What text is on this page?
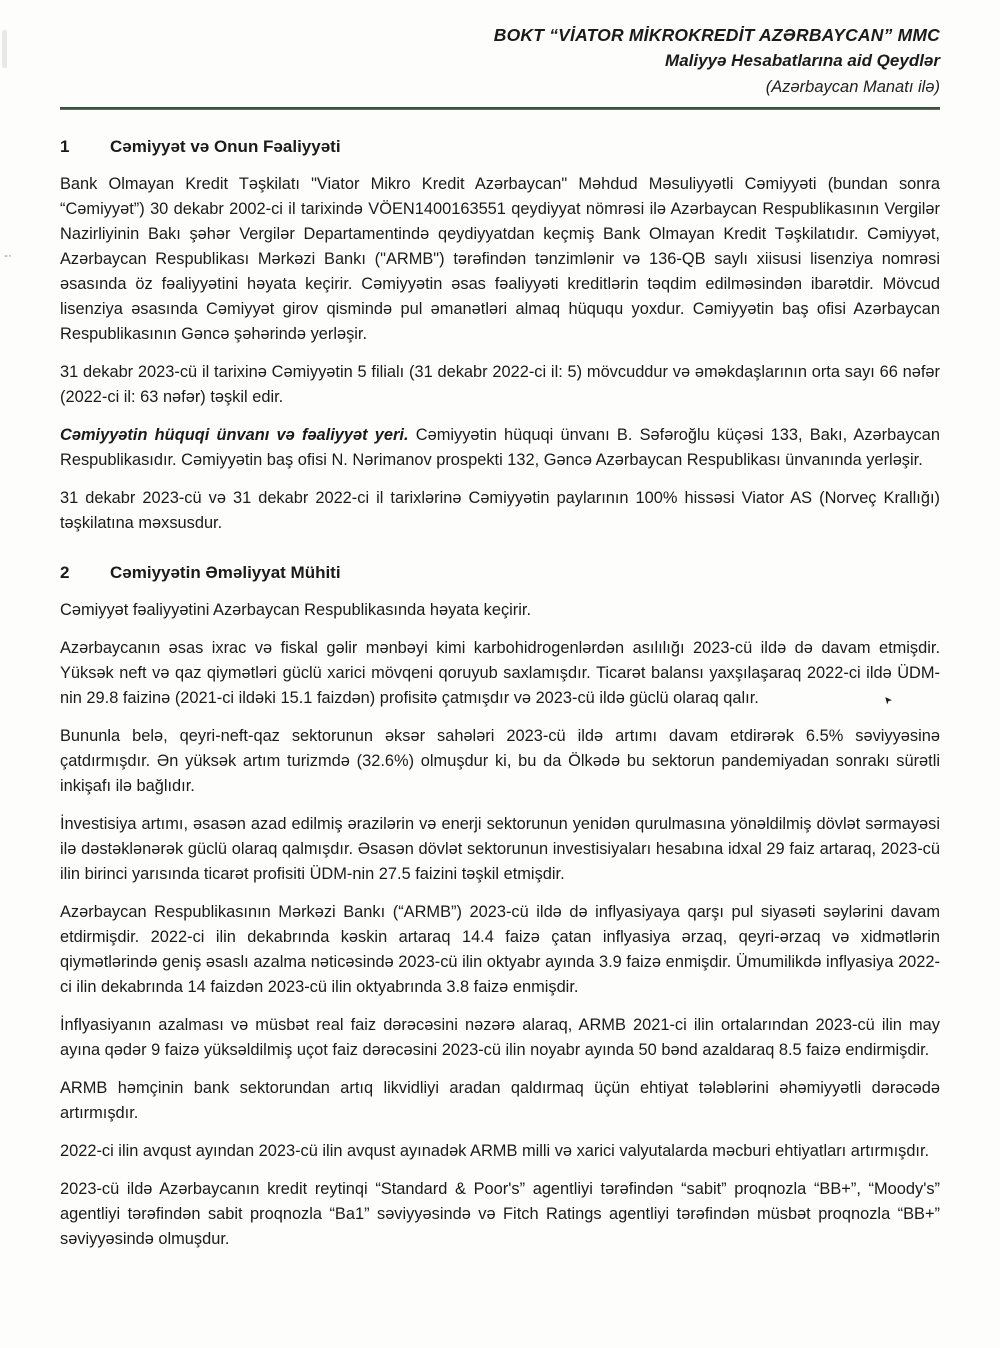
-·
➤
BOKT “VİATOR MİKROKREDİT AZƏRBAYCAN” MMC
Maliyyə Hesabatlarına aid Qeydlər
(Azərbaycan Manatı ilə)
1	Cəmiyyət və Onun Fəaliyyəti

Bank Olmayan Kredit Təşkilatı "Viator Mikro Kredit Azərbaycan" Məhdud Məsuliyyətli Cəmiyyəti (bundan sonra “Cəmiyyət”) 30 dekabr 2002-ci il tarixində VÖEN1400163551 qeydiyyat nömrəsi ilə Azərbaycan Respublikasının Vergilər Nazirliyinin Bakı şəhər Vergilər Departamentində qeydiyyatdan keçmiş Bank Olmayan Kredit Təşkilatıdır. Cəmiyyət, Azərbaycan Respublikası Mərkəzi Bankı ("ARMB") tərəfindən tənzimlənir və 136-QB saylı xiisusi lisenziya nomrəsi əsasında öz fəaliyyətini həyata keçirir. Cəmiyyətin əsas fəaliyyəti kreditlərin təqdim edilməsindən ibarətdir. Mövcud lisenziya əsasında Cəmiyyət girov qismində pul əmanətləri almaq hüququ yoxdur. Cəmiyyətin baş ofisi Azərbaycan Respublikasının Gəncə şəhərində yerləşir.

31 dekabr 2023-cü il tarixinə Cəmiyyətin 5 filialı (31 dekabr 2022-ci il: 5) mövcuddur və əməkdaşlarının orta sayı 66 nəfər (2022-ci il: 63 nəfər) təşkil edir.

Cəmiyyətin hüquqi ünvanı və fəaliyyət yeri. Cəmiyyətin hüquqi ünvanı B. Səfəroğlu küçəsi 133, Bakı, Azərbaycan Respublikasıdır. Cəmiyyətin baş ofisi N. Nərimanov prospekti 132, Gəncə Azərbaycan Respublikası ünvanında yerləşir.

31 dekabr 2023-cü və 31 dekabr 2022-ci il tarixlərinə Cəmiyyətin paylarının 100% hissəsi Viator AS (Norveç Krallığı) təşkilatına məxsusdur.

2	Cəmiyyətin Əməliyyat Mühiti

Cəmiyyət fəaliyyətini Azərbaycan Respublikasında həyata keçirir.

Azərbaycanın əsas ixrac və fiskal gəlir mənbəyi kimi karbohidrogenlərdən asılılığı 2023-cü ildə də davam etmişdir. Yüksək neft və qaz qiymətləri güclü xarici mövqeni qoruyub saxlamışdır. Ticarət balansı yaxşılaşaraq 2022-ci ildə ÜDM-nin 29.8 faizinə (2021-ci ildəki 15.1 faizdən) profisitə çatmışdır və 2023-cü ildə güclü olaraq qalır.

Bununla belə, qeyri-neft-qaz sektorunun əksər sahələri 2023-cü ildə artımı davam etdirərək 6.5% səviyyəsinə çatdırmışdır. Ən yüksək artım turizmdə (32.6%) olmuşdur ki, bu da Ölkədə bu sektorun pandemiyadan sonrakı sürətli inkişafı ilə bağlıdır.

İnvestisiya artımı, əsasən azad edilmiş ərazilərin və enerji sektorunun yenidən qurulmasına yönəldilmiş dövlət sərmayəsi ilə dəstəklənərək güclü olaraq qalmışdır. Əsasən dövlət sektorunun investisiyaları hesabına idxal 29 faiz artaraq, 2023-cü ilin birinci yarısında ticarət profisiti ÜDM-nin 27.5 faizini təşkil etmişdir.

Azərbaycan Respublikasının Mərkəzi Bankı (“ARMB”) 2023-cü ildə də inflyasiyaya qarşı pul siyasəti səylərini davam etdirmişdir. 2022-ci ilin dekabrında kəskin artaraq 14.4 faizə çatan inflyasiya ərzaq, qeyri-ərzaq və xidmətlərin qiymətlərində geniş əsaslı azalma nəticəsində 2023-cü ilin oktyabr ayında 3.9 faizə enmişdir. Ümumilikdə inflyasiya 2022-ci ilin dekabrında 14 faizdən 2023-cü ilin oktyabrında 3.8 faizə enmişdir.

İnflyasiyanın azalması və müsbət real faiz dərəcəsini nəzərə alaraq, ARMB 2021-ci ilin ortalarından 2023-cü ilin may ayına qədər 9 faizə yüksəldilmiş uçot faiz dərəcəsini 2023-cü ilin noyabr ayında 50 bənd azaldaraq 8.5 faizə endirmişdir.

ARMB həmçinin bank sektorundan artıq likvidliyi aradan qaldırmaq üçün ehtiyat tələblərini əhəmiyyətli dərəcədə artırmışdır.

2022-ci ilin avqust ayından 2023-cü ilin avqust ayınadək ARMB milli və xarici valyutalarda məcburi ehtiyatları artırmışdır.

2023-cü ildə Azərbaycanın kredit reytinqi “Standard & Poor's” agentliyi tərəfindən “sabit” proqnozla “BB+”, “Moody's” agentliyi tərəfindən sabit proqnozla “Ba1” səviyyəsində və Fitch Ratings agentliyi tərəfindən müsbət proqnozla “BB+” səviyyəsində olmuşdur.
